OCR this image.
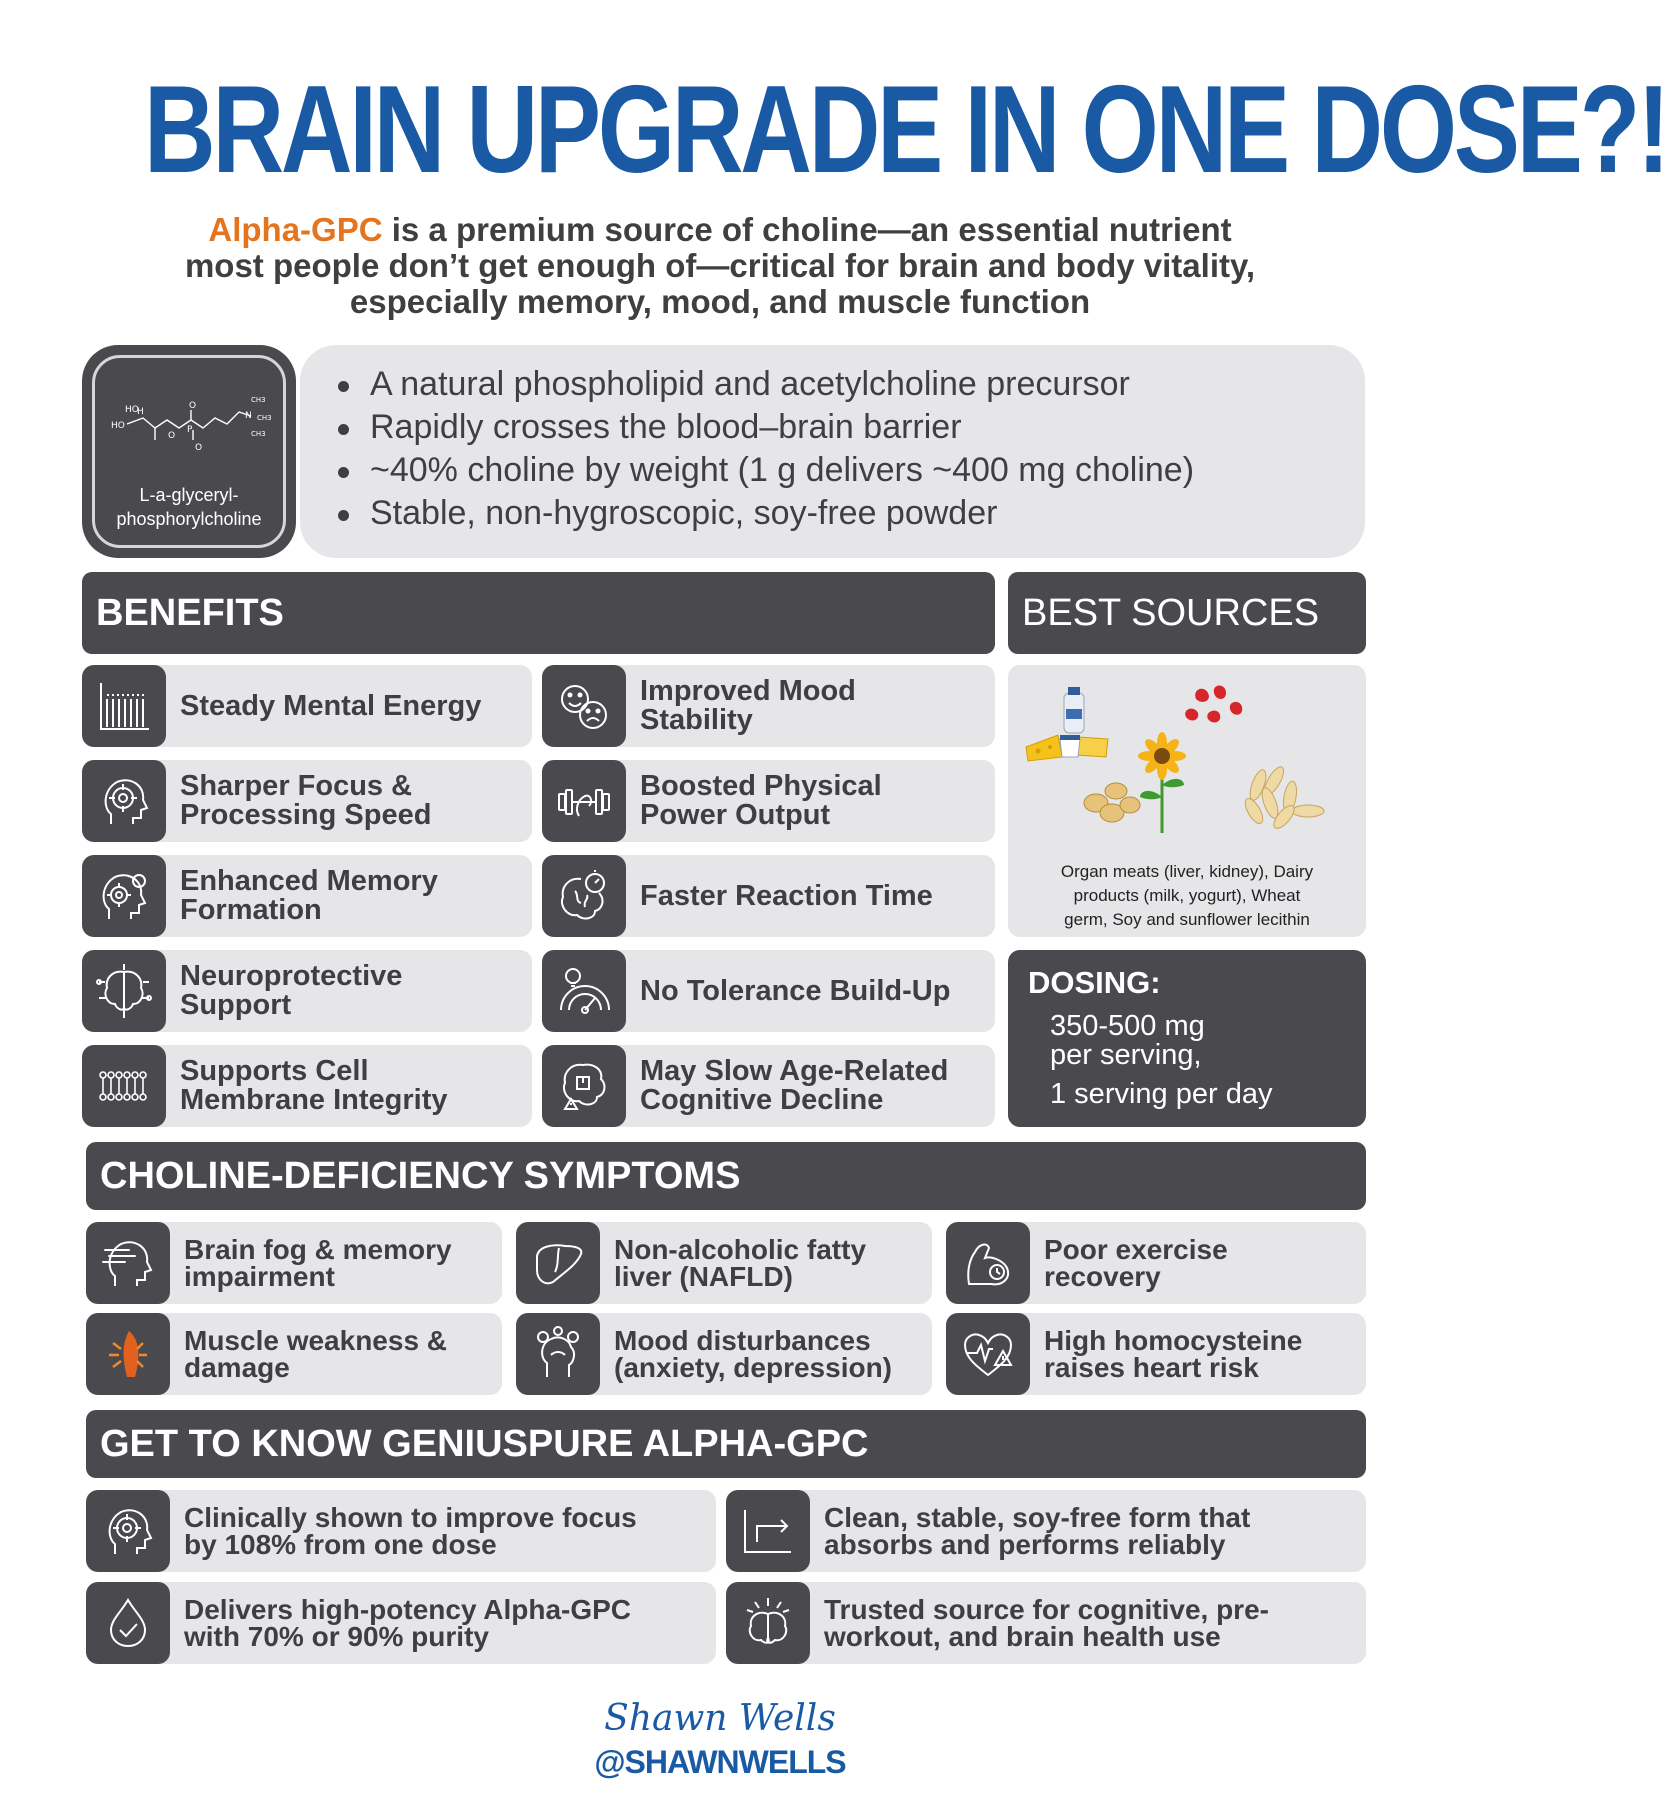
BRAIN UPGRADE IN ONE DOSE?!
Alpha-GPC is a premium source of choline—an essential nutrient
most people don’t get enough of—critical for brain and body vitality,
especially memory, mood, and muscle function
HO
H
HO
O
P
O
O
N
CH3
CH3
CH3
L-a-glyceryl-
phosphorylcholine
A natural phospholipid and acetylcholine precursor
Rapidly crosses the blood–brain barrier
~40% choline by weight (1 g delivers ~400 mg choline)
Stable, non-hygroscopic, soy-free powder
BENEFITS	BEST SOURCES
Steady Mental Energy
Sharper Focus &
Processing Speed
Enhanced Memory
Formation
Neuroprotective
Support
Supports Cell
Membrane Integrity
Improved Mood
Stability
Boosted Physical
Power Output
Faster Reaction Time
No Tolerance Build-Up
May Slow Age-Related
Cognitive Decline
Organ meats (liver, kidney), Dairy
products (milk, yogurt), Wheat
germ, Soy and sunflower lecithin
DOSING:
350-500 mg
per serving,
1 serving per day
CHOLINE-DEFICIENCY SYMPTOMS
Brain fog & memory
impairment
Non-alcoholic fatty
liver (NAFLD)
Poor exercise
recovery
Muscle weakness &
damage
Mood disturbances
(anxiety, depression)
High homocysteine
raises heart risk
GET TO KNOW GENIUSPURE ALPHA-GPC
Clinically shown to improve focus
by 108% from one dose
Clean, stable, soy-free form that
absorbs and performs reliably
Delivers high-potency Alpha-GPC
with 70% or 90% purity
Trusted source for cognitive, pre-
workout, and brain health use
Shawn Wells
@SHAWNWELLS
